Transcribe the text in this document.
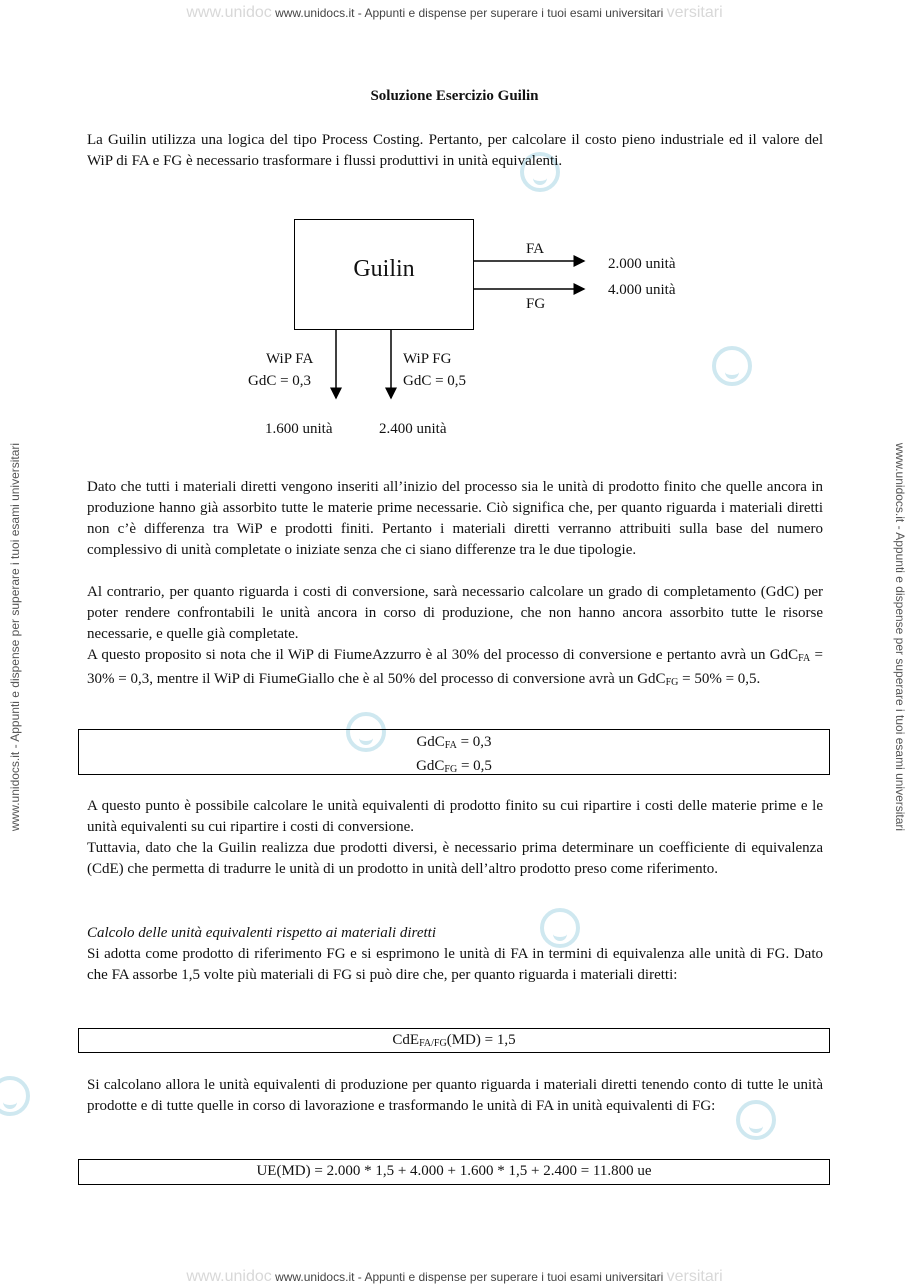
www.unidoc www.unidocs.it - Appunti e dispense per superare i tuoi esami universitari versitari
www.unidoc www.unidocs.it - Appunti e dispense per superare i tuoi esami universitari versitari
www.unidocs.it - Appunti e dispense per superare i tuoi esami universitari	www.unidocs.it - Appunti e dispense per superare i tuoi esami universitari
Soluzione Esercizio Guilin
La Guilin utilizza una logica del tipo Process Costing. Pertanto, per calcolare il costo pieno industriale ed il valore del WiP di FA e FG è necessario trasformare i flussi produttivi in unità equivalenti.
Guilin
FA
FG
2.000 unità
4.000 unità
WiP FA
GdC = 0,3
WiP FG
GdC = 0,5
1.600 unità	2.400 unità
Dato che tutti i materiali diretti vengono inseriti all’inizio del processo sia le unità di prodotto finito che quelle ancora in produzione hanno già assorbito tutte le materie prime necessarie. Ciò significa che, per quanto riguarda i materiali diretti non c’è differenza tra WiP e prodotti finiti. Pertanto i materiali diretti verranno attribuiti sulla base del numero complessivo di unità completate o iniziate senza che ci siano differenze tra le due tipologie.
Al contrario, per quanto riguarda i costi di conversione, sarà necessario calcolare un grado di completamento (GdC) per poter rendere confrontabili le unità ancora in corso di produzione, che non hanno ancora assorbito tutte le risorse necessarie, e quelle già completate.
A questo proposito si nota che il WiP di FiumeAzzurro è al 30% del processo di conversione e pertanto avrà un GdC$_{FA}$ = 30% = 0,3, mentre il WiP di FiumeGiallo che è al 50% del processo di conversione avrà un GdC$_{FG}$ = 50% = 0,5.
GdC$_{FA}$ = 0,3
GdC$_{FG}$ = 0,5
A questo punto è possibile calcolare le unità equivalenti di prodotto finito su cui ripartire i costi delle materie prime e le unità equivalenti su cui ripartire i costi di conversione.
Tuttavia, dato che la Guilin realizza due prodotti diversi, è necessario prima determinare un coefficiente di equivalenza (CdE) che permetta di tradurre le unità di un prodotto in unità dell’altro prodotto preso come riferimento.
Calcolo delle unità equivalenti rispetto ai materiali diretti
Si adotta come prodotto di riferimento FG e si esprimono le unità di FA in termini di equivalenza alle unità di FG. Dato che FA assorbe 1,5 volte più materiali di FG si può dire che, per quanto riguarda i materiali diretti:
CdE$_{FA/FG}$(MD) = 1,5
Si calcolano allora le unità equivalenti di produzione per quanto riguarda i materiali diretti tenendo conto di tutte le unità prodotte e di tutte quelle in corso di lavorazione e trasformando le unità di FA in unità equivalenti di FG:
UE(MD) = 2.000 * 1,5 + 4.000 + 1.600 * 1,5 + 2.400 = 11.800 ue
